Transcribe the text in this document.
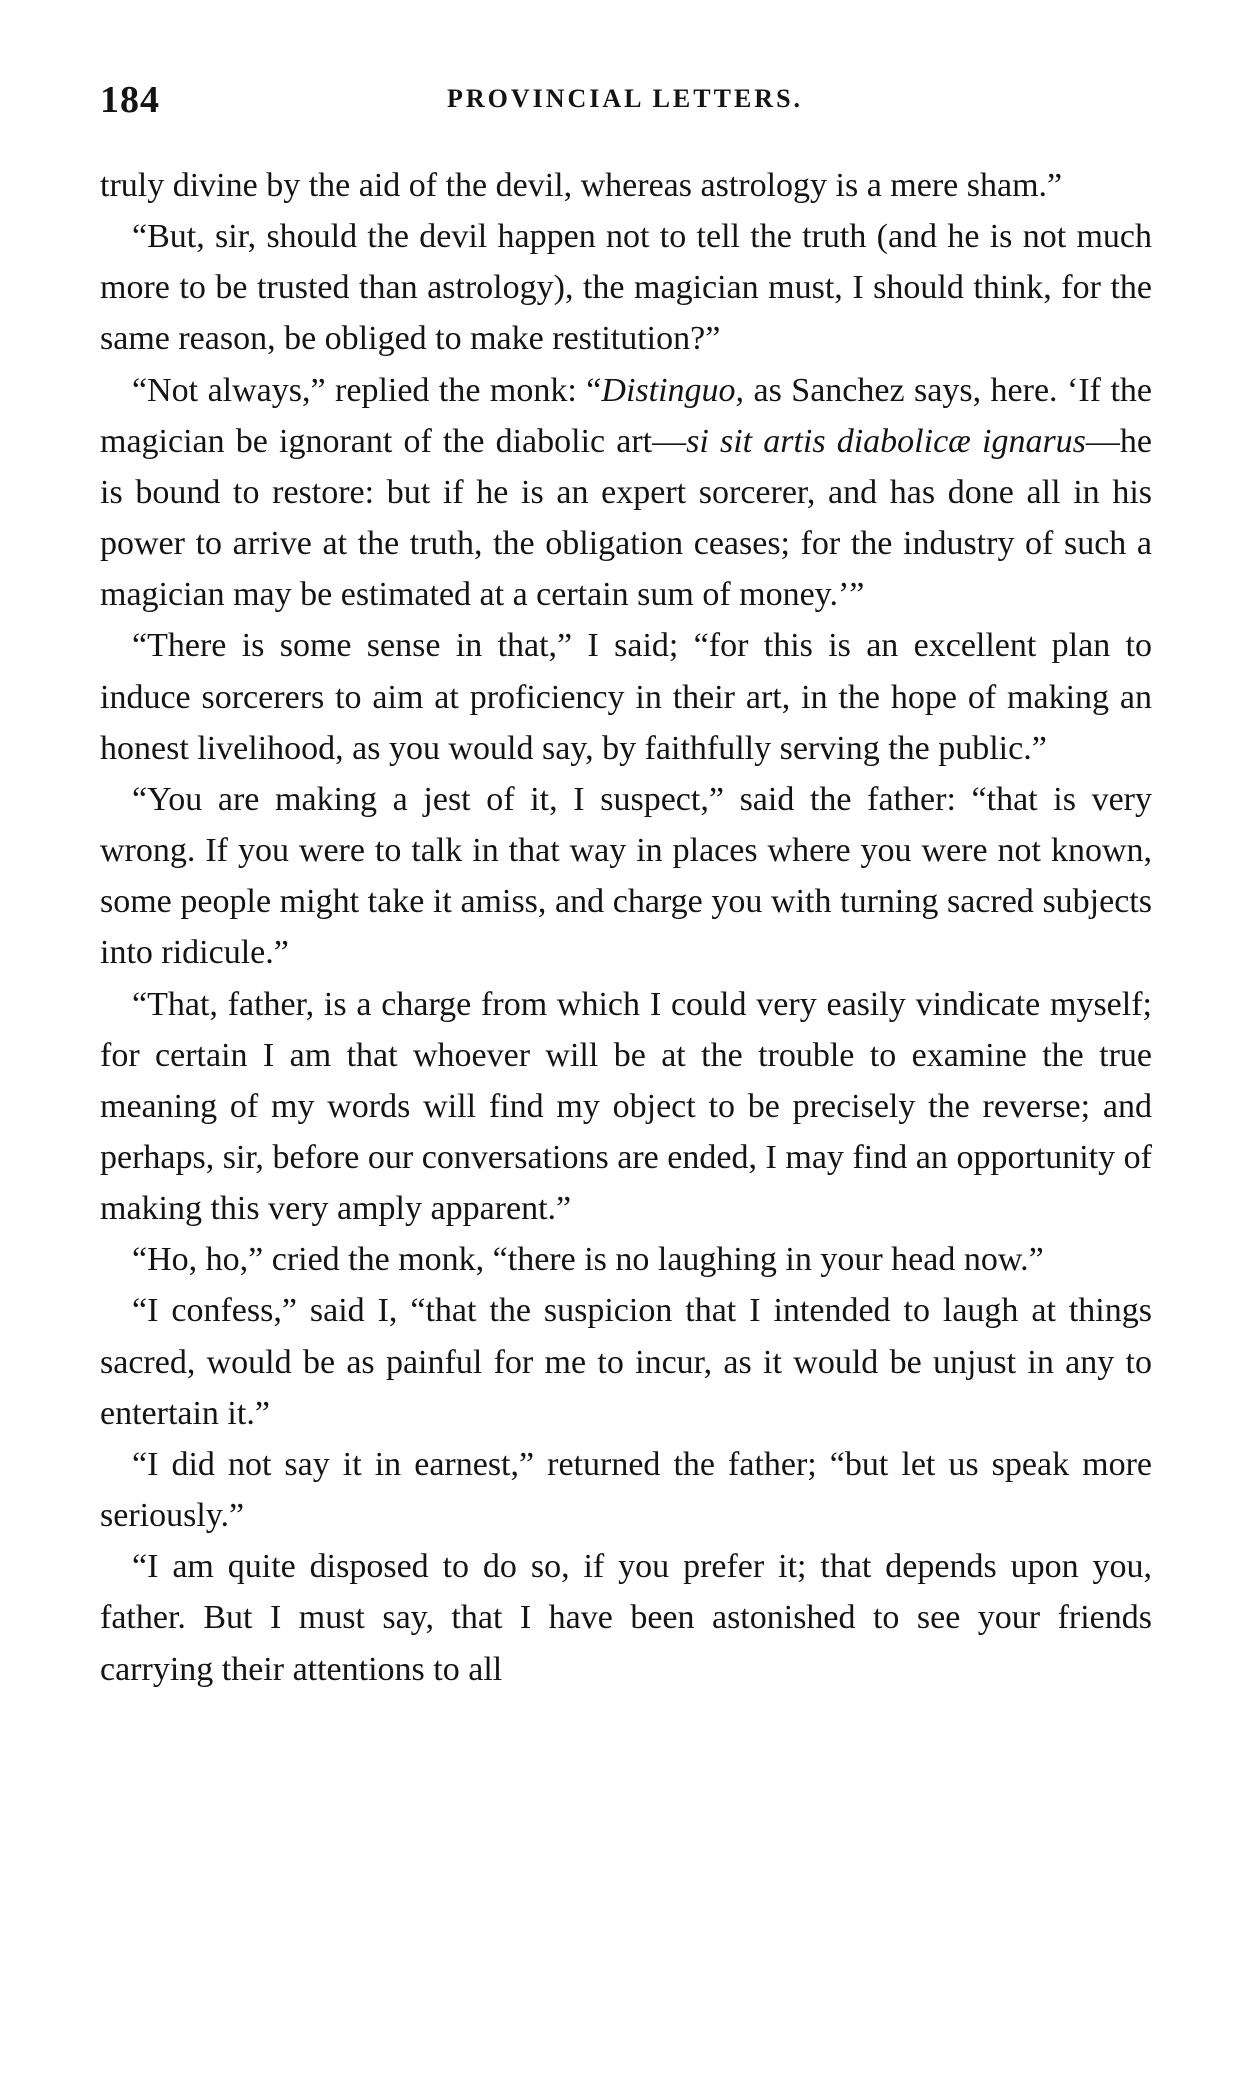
184	PROVINCIAL LETTERS.

truly divine by the aid of the devil, whereas astrology is a mere sham.”

“But, sir, should the devil happen not to tell the truth (and he is not much more to be trusted than astrology), the magician must, I should think, for the same reason, be obliged to make restitution?”

“Not always,” replied the monk: “Distinguo, as Sanchez says, here. ‘If the magician be ignorant of the diabolic art—si sit artis diabolicæ ignarus—he is bound to restore: but if he is an expert sorcerer, and has done all in his power to arrive at the truth, the obligation ceases; for the industry of such a magician may be estimated at a certain sum of money.’”

“There is some sense in that,” I said; “for this is an excellent plan to induce sorcerers to aim at proficiency in their art, in the hope of making an honest livelihood, as you would say, by faithfully serving the public.”

“You are making a jest of it, I suspect,” said the father: “that is very wrong. If you were to talk in that way in places where you were not known, some people might take it amiss, and charge you with turning sacred subjects into ridicule.”

“That, father, is a charge from which I could very easily vindicate myself; for certain I am that whoever will be at the trouble to examine the true meaning of my words will find my object to be precisely the reverse; and perhaps, sir, before our conversations are ended, I may find an opportunity of making this very amply apparent.”

“Ho, ho,” cried the monk, “there is no laughing in your head now.”

“I confess,” said I, “that the suspicion that I intended to laugh at things sacred, would be as painful for me to incur, as it would be unjust in any to entertain it.”

“I did not say it in earnest,” returned the father; “but let us speak more seriously.”

“I am quite disposed to do so, if you prefer it; that depends upon you, father. But I must say, that I have been astonished to see your friends carrying their attentions to all
